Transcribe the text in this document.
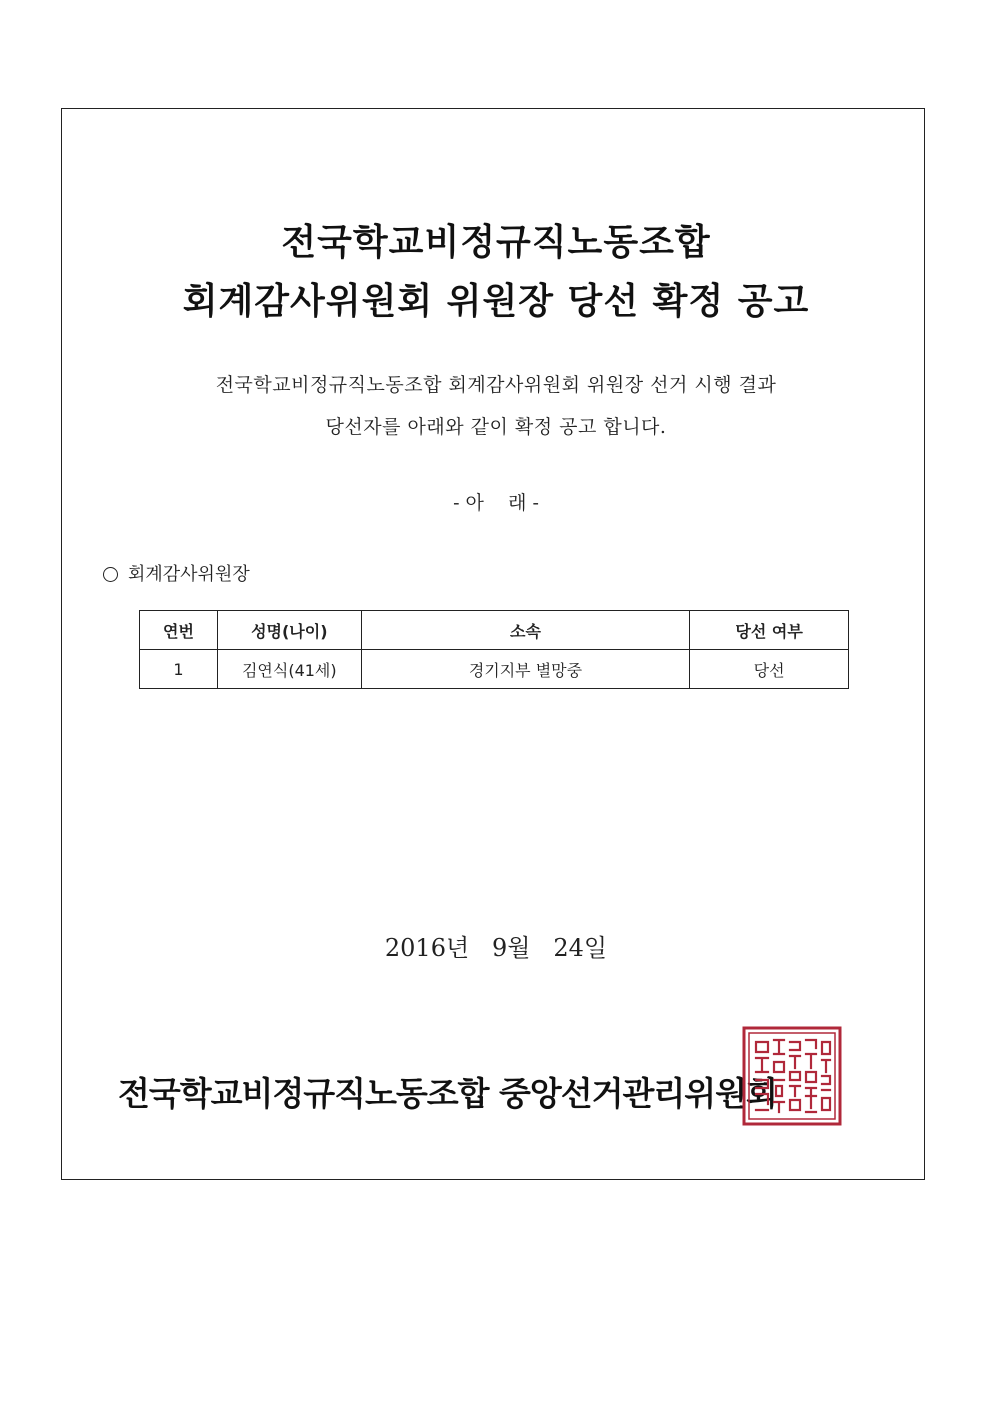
전국학교비정규직노동조합
회계감사위원회 위원장 당선 확정 공고
전국학교비정규직노동조합 회계감사위원회 위원장 선거 시행 결과
당선자를 아래와 같이 확정 공고 합니다.
- 아    래 -
회계감사위원장
연번	성명(나이)	소속	당선 여부
1	김연식(41세)	경기지부 별망중	당선
2016년   9월   24일
전국학교비정규직노동조합 중앙선거관리위원회
